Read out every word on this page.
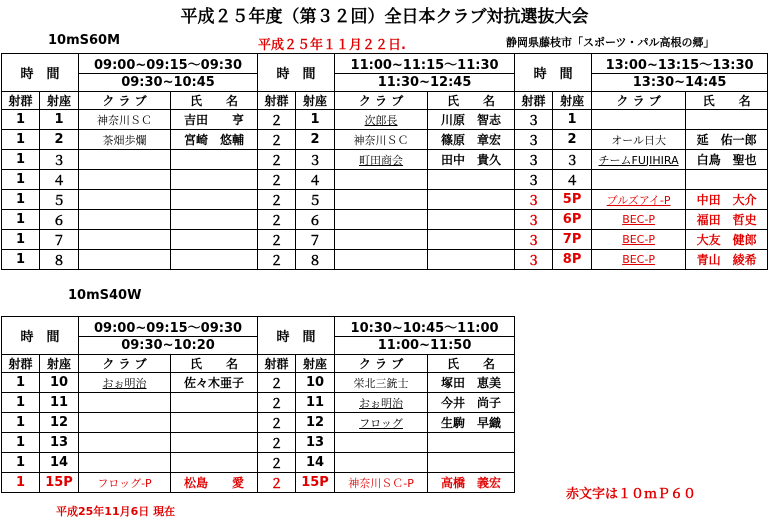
平成２５年度（第３２回）全日本クラブ対抗選抜大会
10mS60M	平成２５年１１月２２日.	静岡県藤枝市「スポーツ・パル高根の郷」
時　間		09:00~09:15～09:30		時　間		11:00~11:15～11:30		時　間		13:00~13:15～13:30	
		09:30~10:45				11:30~12:45				13:30~14:45	
射群	射座	ク ラ ブ	氏　　名	射群	射座	ク ラ ブ	氏　　名	射群	射座	ク ラ ブ	氏　　名
1	1	神奈川ＳＣ	吉田　　亨	２	1	次郎長	川原　智志	３	1		
1	2	茶畑歩爛	宮崎　悠輔	２	2	神奈川ＳＣ	篠原　章宏	３	2	オール日大	延　佑一郎
1	３			２	３	町田商会	田中　貴久	３	３	チームFUJIHIRA	白鳥　聖也
1	４			２	４			３	４		
1	５			２	５			３	5P	ブルズアイ-P	中田　大介
1	６			２	６			３	6P	BEC-P	福田　哲史
1	７			２	７			３	7P	BEC-P	大友　健郎
1	８			２	８			３	8P	BEC-P	青山　綾希
10mS40W
時　間		09:00~09:15～09:30		時　間		10:30~10:45～11:00		
		09:30~10:20				11:00~11:50		
射群	射座	ク ラ ブ	氏　　名	射群	射座	ク ラ ブ	氏　　名	
1	10	おぉ明治	佐々木亜子	２	10	栄北三銃士	塚田　恵美	
1	11			２	11	おぉ明治	今井　尚子	
1	12			２	12	フロッグ	生駒　早織	
1	13			２	13			
1	14			２	14			
1	15P	フロッグ-P	松島　　愛	２	15P	神奈川ＳＣ-P	高橋　義宏	
赤文字は１０ｍＰ６０
平成25年11月6日 現在
